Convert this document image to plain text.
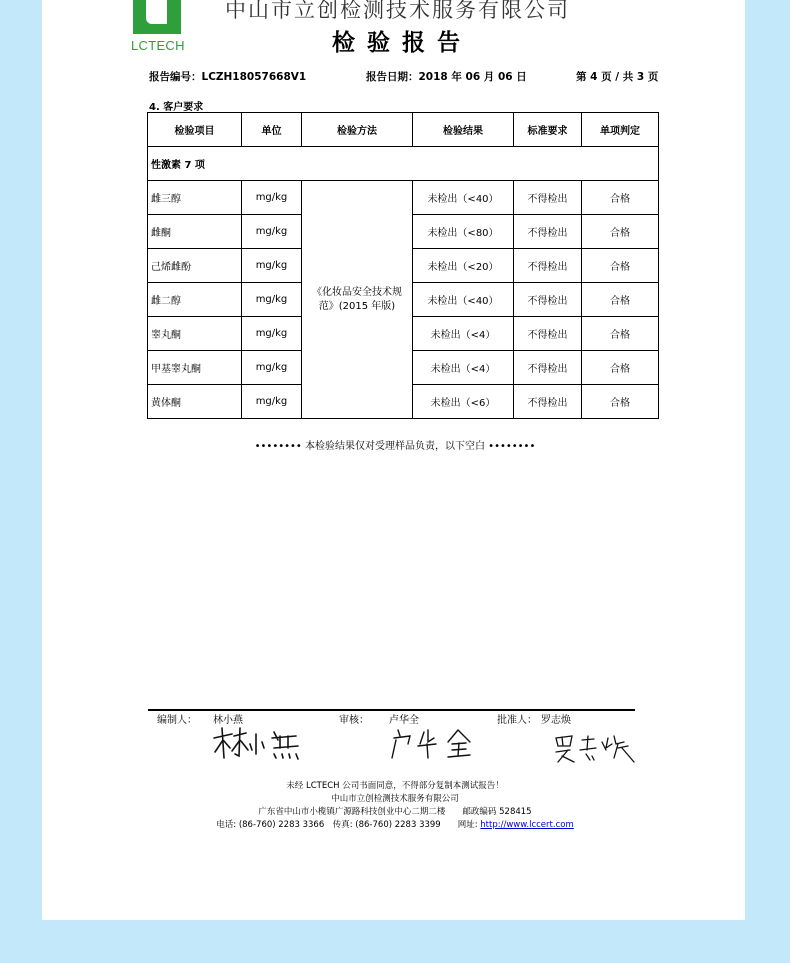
LCTECH
中山市立创检测技术服务有限公司
检验报告
报告编号：LCZH18057668V1	报告日期：2018 年 06 月 06 日	第 4 页 / 共 3 页
4. 客户要求
检验项目	单位	检验方法	检验结果	标准要求	单项判定
性激素 7 项					
雌三醇	mg/kg	《化妆品安全技术规范》(2015 年版)	未检出（<40）	不得检出	合格
雌酮	mg/kg		未检出（<80）	不得检出	合格
己烯雌酚	mg/kg		未检出（<20）	不得检出	合格
雌二醇	mg/kg		未检出（<40）	不得检出	合格
睾丸酮	mg/kg		未检出（<4）	不得检出	合格
甲基睾丸酮	mg/kg		未检出（<4）	不得检出	合格
黄体酮	mg/kg		未检出（<6）	不得检出	合格
•••••••• 本检验结果仅对受理样品负责，以下空白 ••••••••
编制人： 林小燕	审核： 卢华全	批准人： 罗志焕
未经 LCTECH 公司书面同意，不得部分复制本测试报告！
中山市立创检测技术服务有限公司
广东省中山市小榄镇广源路科技创业中心二期二楼　　邮政编码 528415
电话: (86-760) 2283 3366　传真: (86-760) 2283 3399　　网址: http://www.lccert.com
